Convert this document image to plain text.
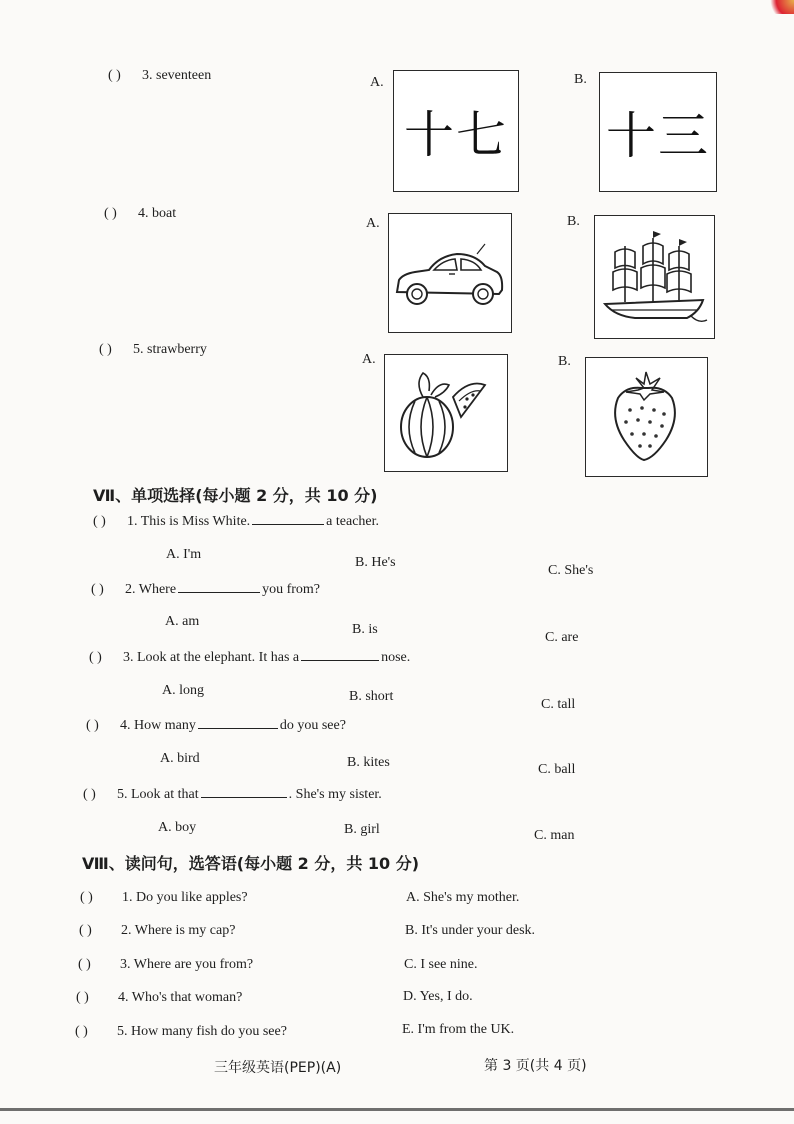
( ) 3. seventeen	A.
十七
B.
十三
( ) 4. boat
A.	B.
( ) 5. strawberry
A.	B.
Ⅶ、单项选择(每小题 2 分，共 10 分)
( ) 1. This is Miss White.	a teacher.
A. I'm
B. He's
C. She's
( ) 2. Where	you from?
A. am
B. is
C. are
( ) 3. Look at the elephant. It has a	nose.
A. long	B. short
C. tall
( ) 4. How many	do you see?
A. bird	B. kites	C. ball
( ) 5. Look at that	. She's my sister.
A. boy	B. girl	C. man
Ⅷ、读问句，选答语(每小题 2 分，共 10 分)
( ) 1. Do you like apples?	A. She's my mother.
( ) 2. Where is my cap?	B. It's under your desk.
( ) 3. Where are you from?	C. I see nine.
( ) 4. Who's that woman?	D. Yes, I do.
( ) 5. How many fish do you see?	E. I'm from the UK.
三年级英语(PEP)(A)	第 3 页(共 4 页)
